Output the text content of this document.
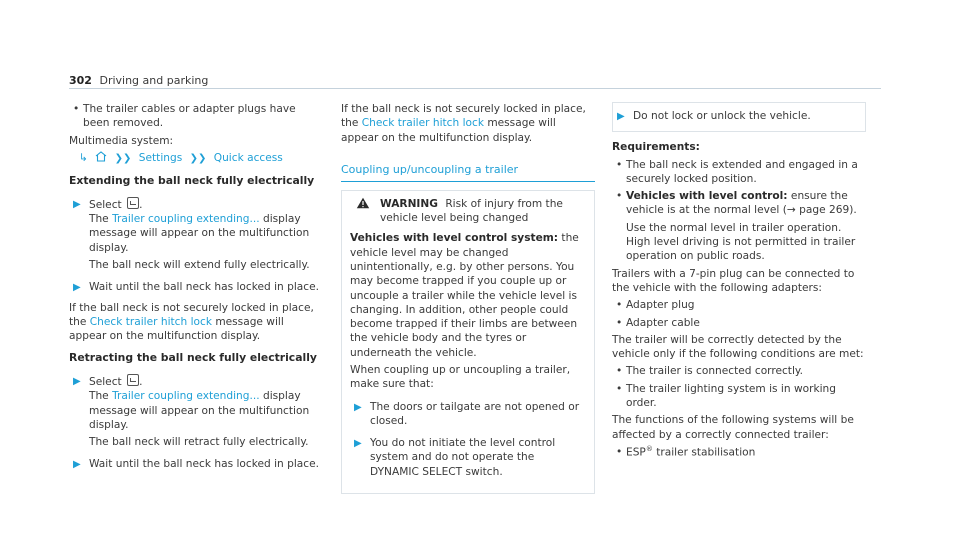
302 Driving and parking
• The trailer cables or adapter plugs have been removed.

Multimedia system:

↳	❯❯ Settings ❯❯ Quick access
Extending the ball neck fully electrically
▶ Select .
The Trailer coupling extending... display message will appear on the multifunction display.
The ball neck will extend fully electrically.
▶ Wait until the ball neck has locked in place.

If the ball neck is not securely locked in place, the Check trailer hitch lock message will appear on the multifunction display.

Retracting the ball neck fully electrically
▶ Select .
The Trailer coupling extending... display message will appear on the multifunction display.
The ball neck will retract fully electrically.
▶ Wait until the ball neck has locked in place.

If the ball neck is not securely locked in place, the Check trailer hitch lock message will appear on the multifunction display.

Coupling up/uncoupling a trailer
WARNING Risk of injury from the vehicle level being changed

Vehicles with level control system: the vehicle level may be changed unintentionally, e.g. by other persons. You may become trapped if you couple up or uncouple a trailer while the vehicle level is changing. In addition, other people could become trapped if their limbs are between the vehicle body and the tyres or underneath the vehicle.

When coupling up or uncoupling a trailer, make sure that:

▶ The doors or tailgate are not opened or closed.
▶ You do not initiate the level control system and do not operate the DYNAMIC SELECT switch.
▶ Do not lock or unlock the vehicle.

Requirements:

• The ball neck is extended and engaged in a securely locked position.
• Vehicles with level control: ensure the vehicle is at the normal level (→ page 269).
Use the normal level in trailer operation. High level driving is not permitted in trailer operation on public roads.

Trailers with a 7-pin plug can be connected to the vehicle with the following adapters:

• Adapter plug
• Adapter cable

The trailer will be correctly detected by the vehicle only if the following conditions are met:

• The trailer is connected correctly.
• The trailer lighting system is in working order.

The functions of the following systems will be affected by a correctly connected trailer:

• ESP® trailer stabilisation
